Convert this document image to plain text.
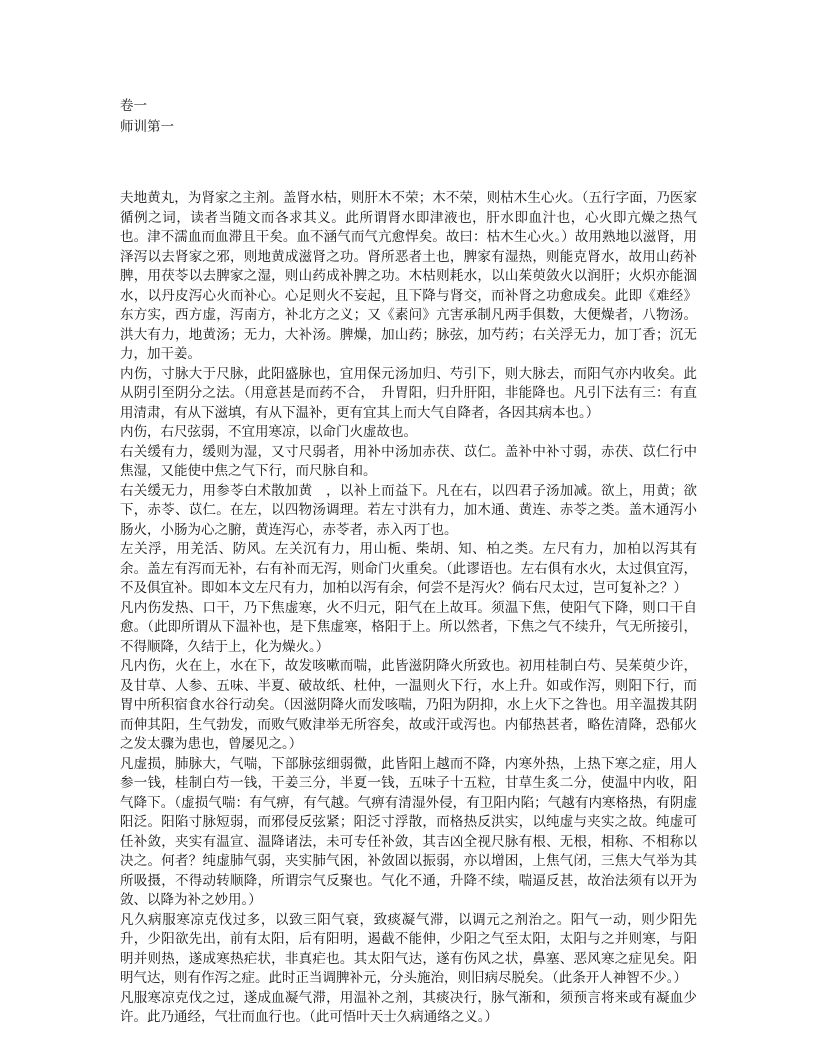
卷一
师训第一

夫地黄丸，为肾家之主剂。盖肾水枯，则肝木不荣；木不荣，则枯木生心火。（五行字面，乃医家循例之词，读者当随文而各求其义。此所谓肾水即津液也，肝水即血汁也，心火即亢燥之热气也。津不濡血而血滞且干矣。血不涵气而气亢愈悍矣。故曰：枯木生心火。）故用熟地以滋肾，用泽泻以去肾家之邪，则地黄成滋肾之功。肾所恶者土也，脾家有湿热，则能克肾水，故用山药补脾，用茯苓以去脾家之湿，则山药成补脾之功。木枯则耗水，以山茱萸敛火以润肝；火炽亦能涸水，以丹皮泻心火而补心。心足则火不妄起，且下降与肾交，而补肾之功愈成矣。此即《难经》东方实，西方虚，泻南方，补北方之义；又《素问》亢害承制凡两手俱数，大便燥者，八物汤。洪大有力，地黄汤；无力，大补汤。脾燥，加山药；脉弦，加芍药；右关浮无力，加丁香；沉无力，加干姜。

内伤，寸脉大于尺脉，此阳盛脉也，宜用保元汤加归、芍引下，则大脉去，而阳气亦内收矣。此从阴引至阴分之法。（用意甚是而药不合，　升胃阳，归升肝阳，非能降也。凡引下法有三：有直用清肃，有从下滋填，有从下温补，更有宜其上而大气自降者，各因其病本也。）

内伤，右尺弦弱，不宜用寒凉，以命门火虚故也。

右关缓有力，缓则为湿，又寸尺弱者，用补中汤加赤茯、苡仁。盖补中补寸弱，赤茯、苡仁行中焦湿，又能使中焦之气下行，而尺脉自和。

右关缓无力，用参苓白术散加黄　，以补上而益下。凡在右，以四君子汤加减。欲上，用黄；欲下，赤苓、苡仁。在左，以四物汤调理。若左寸洪有力，加木通、黄连、赤苓之类。盖木通泻小肠火，小肠为心之腑，黄连泻心，赤苓者，赤入丙丁也。

左关浮，用羌活、防风。左关沉有力，用山栀、柴胡、知、柏之类。左尺有力，加柏以泻其有余。盖左有泻而无补，右有补而无泻，则命门火重矣。（此谬语也。左右俱有水火，太过俱宜泻，不及俱宜补。即如本文左尺有力，加柏以泻有余，何尝不是泻火？倘右尺太过，岂可复补之？）

凡内伤发热、口干，乃下焦虚寒，火不归元，阳气在上故耳。须温下焦，使阳气下降，则口干自愈。（此即所谓从下温补也，是下焦虚寒，格阳于上。所以然者，下焦之气不续升，气无所接引，不得顺降，久结于上，化为燥火。）

凡内伤，火在上，水在下，故发咳嗽而喘，此皆滋阴降火所致也。初用桂制白芍、吴茱萸少许，及甘草、人参、五味、半夏、破故纸、杜仲，一温则火下行，水上升。如或作泻，则阳下行，而胃中所积宿食水谷行动矣。（因滋阴降火而发咳喘，乃阳为阴抑，水上火下之咎也。用辛温拨其阴而伸其阳，生气勃发，而败气败津举无所容矣，故或汗或泻也。内郁热甚者，略佐清降，恐郁火之发太骤为患也，曾屡见之。）

凡虚损，肺脉大，气喘，下部脉弦细弱微，此皆阳上越而不降，内寒外热，上热下寒之症，用人参一钱，桂制白芍一钱，干姜三分，半夏一钱，五味子十五粒，甘草生炙二分，使温中内收，阳气降下。（虚损气喘：有气痹，有气越。气痹有清湿外侵，有卫阳内陷；气越有内寒格热，有阴虚阳泛。阳陷寸脉短弱，而邪侵反弦紧；阳泛寸浮散，而格热反洪实，以纯虚与夹实之故。纯虚可任补敛，夹实有温宣、温降诸法，未可专任补敛，其吉凶全视尺脉有根、无根，相称、不相称以决之。何者？纯虚肺气弱，夹实肺气困，补敛固以振弱，亦以增困，上焦气闭，三焦大气举为其所吸摄，不得动转顺降，所谓宗气反聚也。气化不通，升降不续，喘逼反甚，故治法须有以开为敛、以降为补之妙用。）

凡久病服寒凉克伐过多，以致三阳气衰，致痰凝气滞，以调元之剂治之。阳气一动，则少阳先升，少阳欲先出，前有太阳，后有阳明，遏截不能伸，少阳之气至太阳，太阳与之并则寒，与阳明并则热，遂成寒热疟状，非真疟也。其太阳气达，遂有伤风之状，鼻塞、恶风寒之症见矣。阳明气达，则有作泻之症。此时正当调脾补元，分头施治，则旧病尽脱矣。（此条开人神智不少。）

凡服寒凉克伐之过，遂成血凝气滞，用温补之剂，其痰决行，脉气渐和，须预言将来或有凝血少许。此乃通经，气壮而血行也。（此可悟叶天士久病通络之义。）
